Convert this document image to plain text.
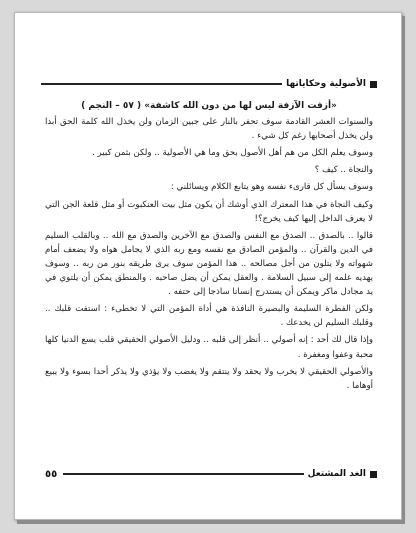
الأصولية وحكاياتها

«أزفت الآزفة ليس لها من دون الله كاشفة» ( ٥٧ – النجم )

والسنوات العشر القادمة سوف تحفر بالنار على جبين الزمان ولن يخذل الله كلمة الحق أبدا ولن يخذل أصحابها رغم كل شيء .

وسوف يعلم الكل من هم أهل الأصول بحق وما هي الأصولية .. ولكن بثمن كبير .

والنجاة .. كيف ؟

وسوف يسأل كل قارىء نفسه وهو يتابع الكلام ويسائلني :

وكيف النجاة في هذا المعترك الذي أوشك أن يكون مثل بيت العنكبوت أو مثل قلعة الجن التي لا يعرف الداخل إليها كيف يخرج؟!

قالوا .. بالصدق .. الصدق مع النفس والصدق مع الآخرين والصدق مع الله .. وبالقلب السليم في الدين والقرآن .. والمؤمن الصادق مع نفسه ومع ربه الذي لا يجامل هواه ولا يضعف أمام شهواته ولا يتلون من أجل مصالحه .. هذا المؤمن سوف يرى طريقه بنور من ربه .. وسوف يهديه علمه إلى سبيل السلامة . والعقل يمكن أن يضل صاحبه . والمنطق يمكن أن يلتوي في يد مجادل ماكر ويمكن أن يستدرج إنسانا ساذجا إلى حتفه .

ولكن الفطرة السليمة والبصيرة النافذة هي أداة المؤمن التي لا تخطىء : استفت قلبك .. وقلبك السليم لن يخدعك .

وإذا قال لك أحد : إنه أصولي .. أنظر إلى قلبه .. ودليل الأصولي الحقيقي قلب يسع الدنيا كلها محبة وعفوا ومغفرة .

والأصولي الحقيقي لا يخرب ولا يحقد ولا ينتقم ولا يغضب ولا يؤذي ولا يذكر أحدا بسوء ولا يبيع أوهاما .

الغد المشتعل
٥٥
